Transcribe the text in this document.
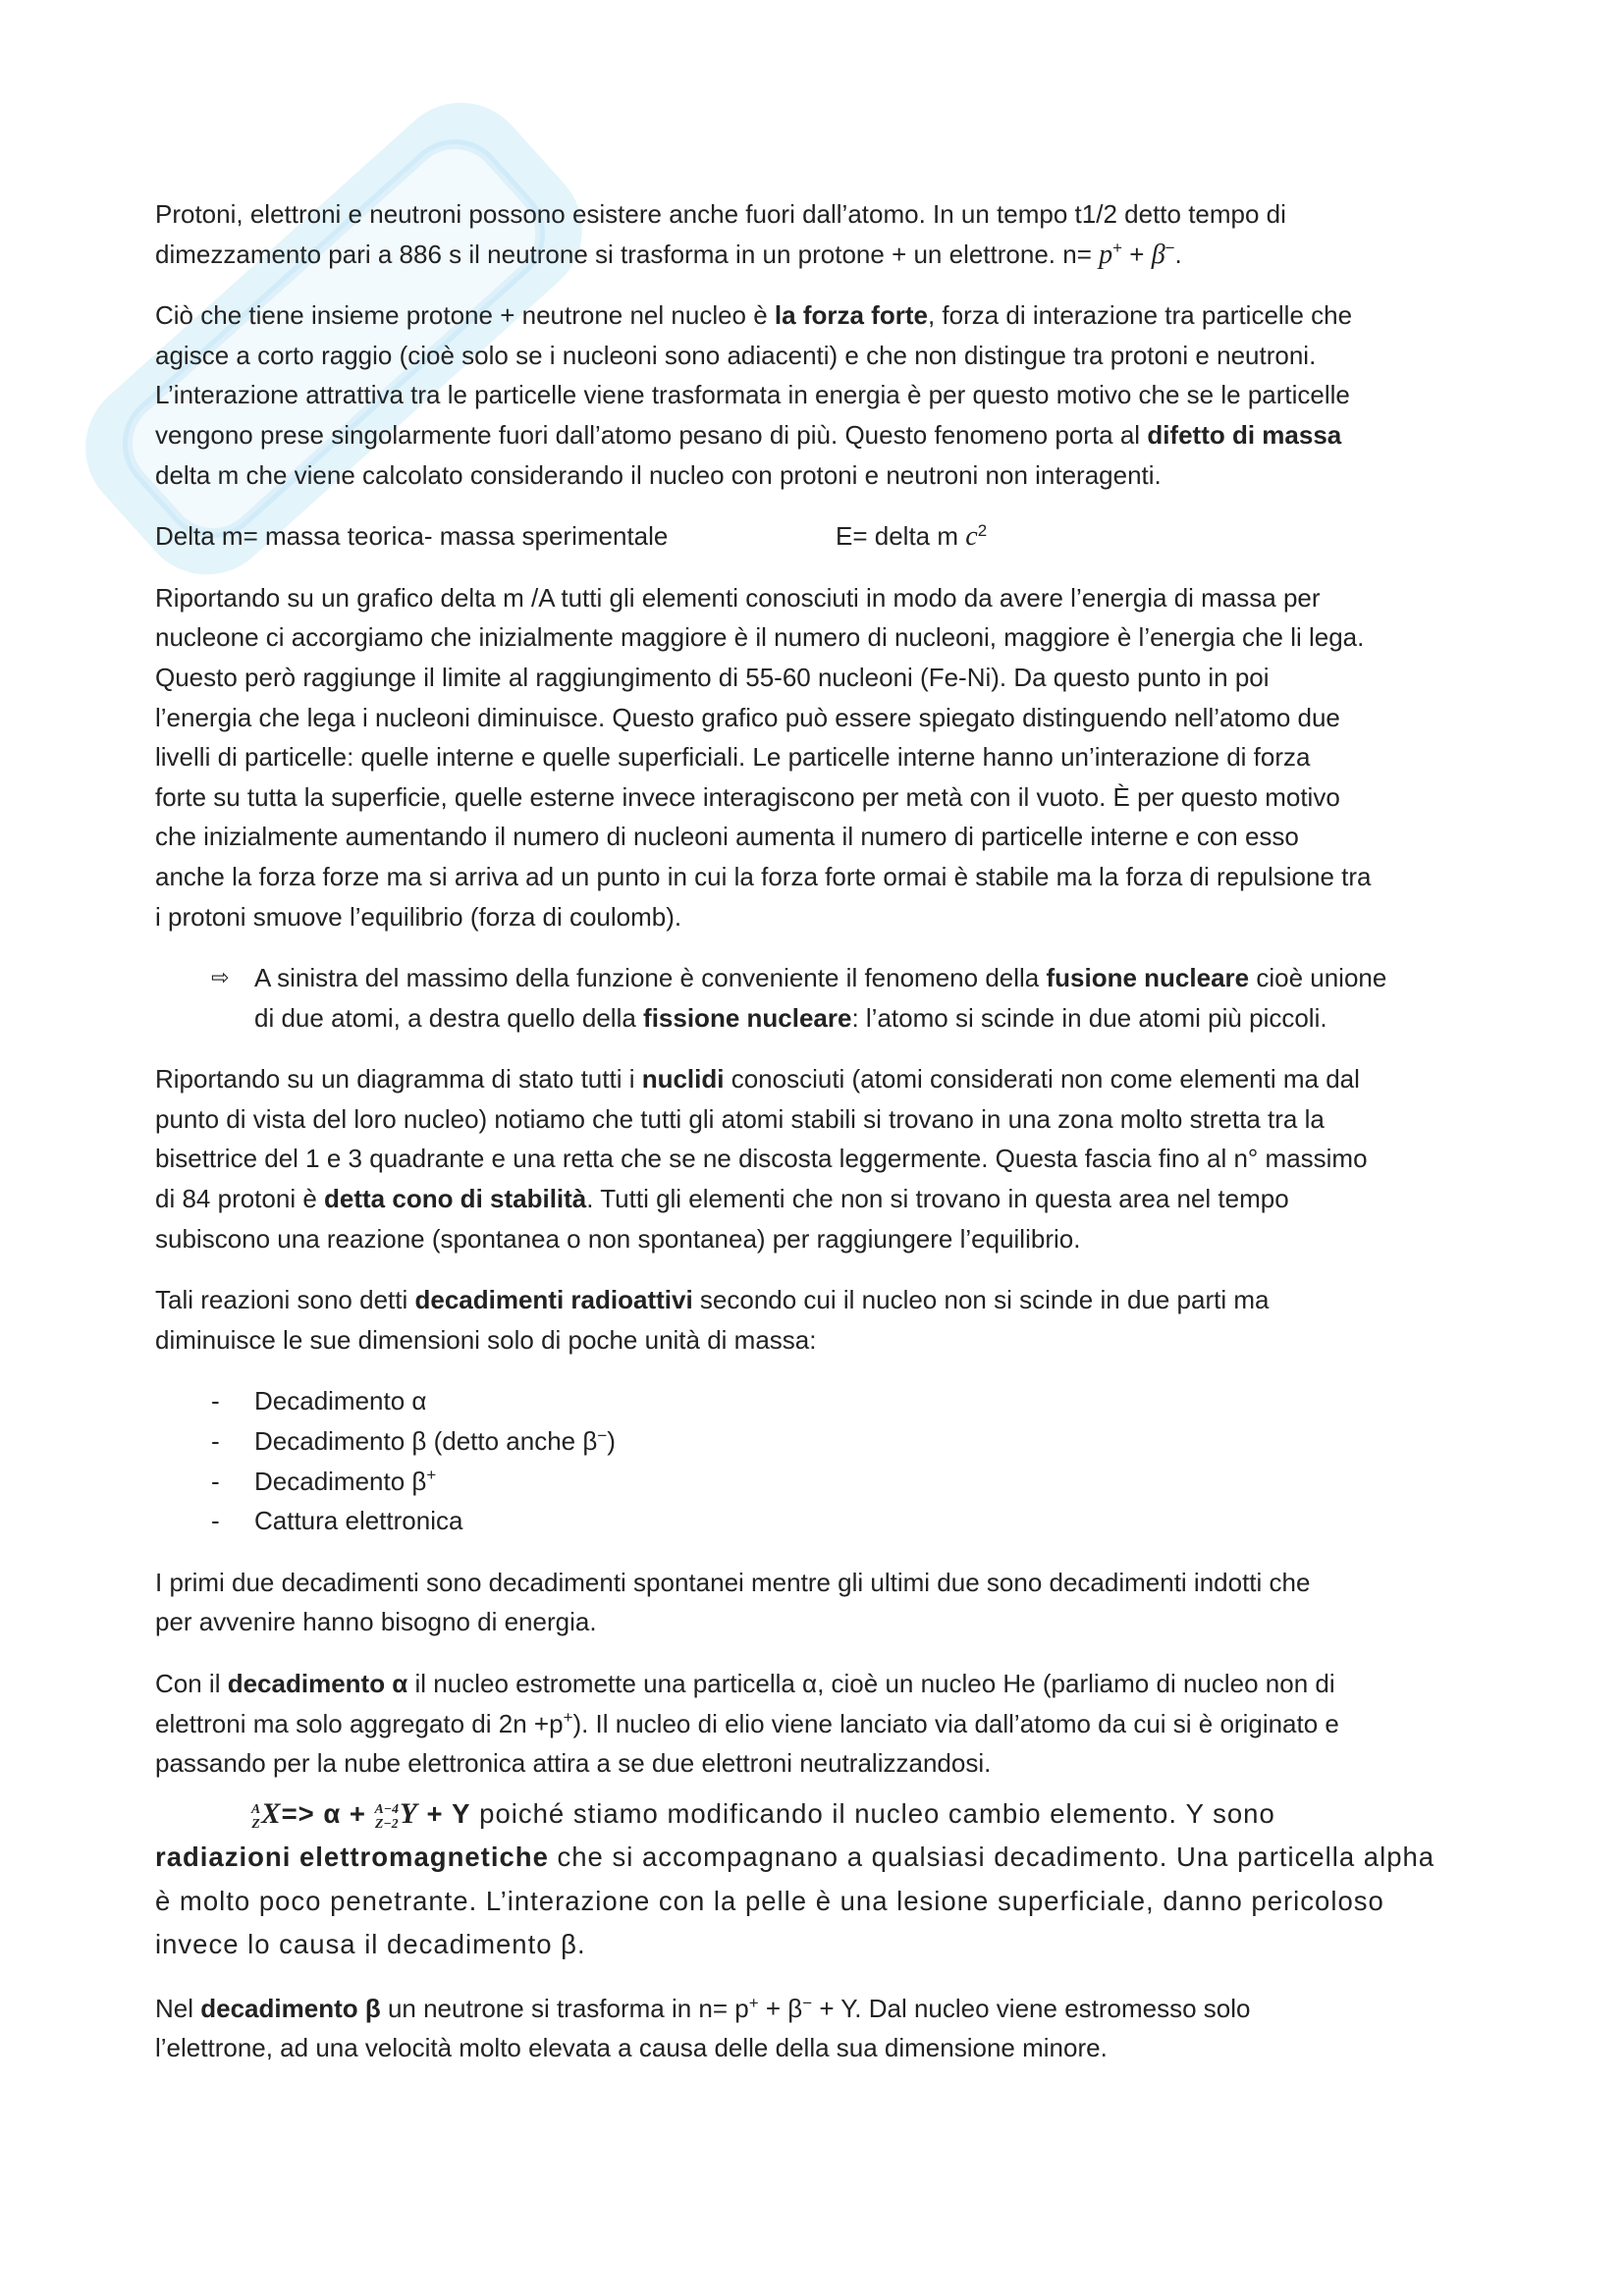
Protoni, elettroni e neutroni possono esistere anche fuori dall’atomo. In un tempo t1/2 detto tempo di
dimezzamento pari a 886 s il neutrone si trasforma in un protone + un elettrone. n= p+ + β−.
Ciò che tiene insieme protone + neutrone nel nucleo è la forza forte, forza di interazione tra particelle che
agisce a corto raggio (cioè solo se i nucleoni sono adiacenti) e che non distingue tra protoni e neutroni.
L’interazione attrattiva tra le particelle viene trasformata in energia è per questo motivo che se le particelle
vengono prese singolarmente fuori dall’atomo pesano di più. Questo fenomeno porta al difetto di massa
delta m che viene calcolato considerando il nucleo con protoni e neutroni non interagenti.
Delta m= massa teorica- massa sperimentale	E= delta m $c^2$
Riportando su un grafico delta m /A tutti gli elementi conosciuti in modo da avere l’energia di massa per
nucleone ci accorgiamo che inizialmente maggiore è il numero di nucleoni, maggiore è l’energia che li lega.
Questo però raggiunge il limite al raggiungimento di 55-60 nucleoni (Fe-Ni). Da questo punto in poi
l’energia che lega i nucleoni diminuisce. Questo grafico può essere spiegato distinguendo nell’atomo due
livelli di particelle: quelle interne e quelle superficiali. Le particelle interne hanno un’interazione di forza
forte su tutta la superficie, quelle esterne invece interagiscono per metà con il vuoto. È per questo motivo
che inizialmente aumentando il numero di nucleoni aumenta il numero di particelle interne e con esso
anche la forza forze ma si arriva ad un punto in cui la forza forte ormai è stabile ma la forza di repulsione tra
i protoni smuove l’equilibrio (forza di coulomb).
⇨ A sinistra del massimo della funzione è conveniente il fenomeno della fusione nucleare cioè unione
di due atomi, a destra quello della fissione nucleare: l’atomo si scinde in due atomi più piccoli.
Riportando su un diagramma di stato tutti i nuclidi conosciuti (atomi considerati non come elementi ma dal
punto di vista del loro nucleo) notiamo che tutti gli atomi stabili si trovano in una zona molto stretta tra la
bisettrice del 1 e 3 quadrante e una retta che se ne discosta leggermente. Questa fascia fino al n° massimo
di 84 protoni è detta cono di stabilità. Tutti gli elementi che non si trovano in questa area nel tempo
subiscono una reazione (spontanea o non spontanea) per raggiungere l’equilibrio.
Tali reazioni sono detti decadimenti radioattivi secondo cui il nucleo non si scinde in due parti ma
diminuisce le sue dimensioni solo di poche unità di massa:
- Decadimento α
- Decadimento β (detto anche β−)
- Decadimento β+
- Cattura elettronica
I primi due decadimenti sono decadimenti spontanei mentre gli ultimi due sono decadimenti indotti che
per avvenire hanno bisogno di energia.
Con il decadimento α il nucleo estromette una particella α, cioè un nucleo He (parliamo di nucleo non di
elettroni ma solo aggregato di 2n +p+). Il nucleo di elio viene lanciato via dall’atomo da cui si è originato e
passando per la nube elettronica attira a se due elettroni neutralizzandosi.
A
Z X=> α + A−4
Z−2 Y + Υ poiché stiamo modificando il nucleo cambio elemento. Υ sono
radiazioni elettromagnetiche che si accompagnano a qualsiasi decadimento. Una particella alpha
è molto poco penetrante. L’interazione con la pelle è una lesione superficiale, danno pericoloso
invece lo causa il decadimento β.
Nel decadimento β un neutrone si trasforma in n= p+ + β− + Υ. Dal nucleo viene estromesso solo
l’elettrone, ad una velocità molto elevata a causa delle della sua dimensione minore.
